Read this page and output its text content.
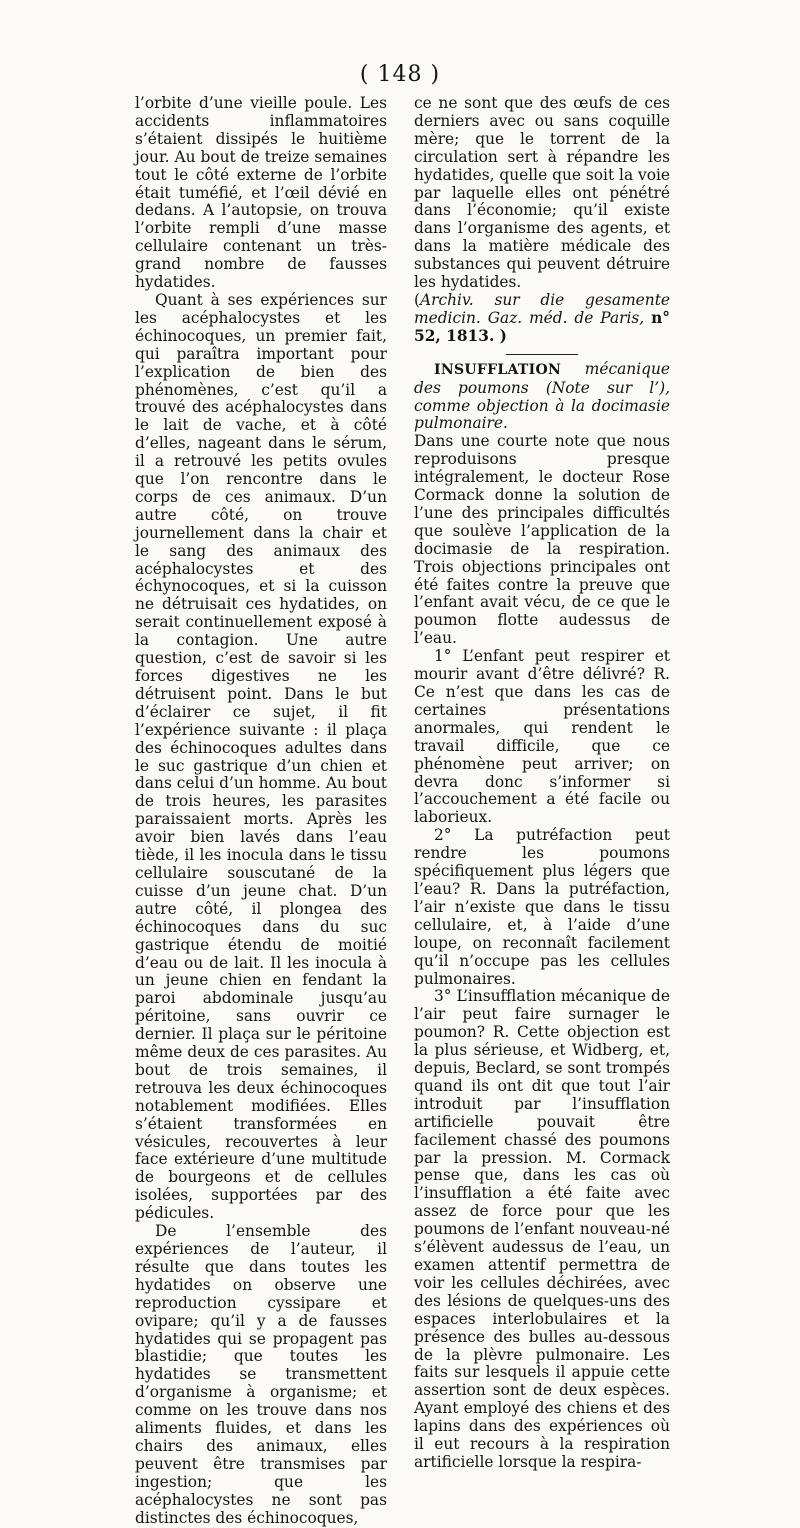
( 148 )

l’orbite d’une vieille poule. Les accidents inflammatoires s’étaient dissipés le huitième jour. Au bout de treize semaines tout le côté externe de l’orbite était tuméfié, et l’œil dévié en dedans. A l’autopsie, on trouva l’orbite rempli d’une masse cellulaire contenant un très-grand nombre de fausses hydatides.

Quant à ses expériences sur les acéphalocystes et les échinocoques, un premier fait, qui paraîtra important pour l’explication de bien des phénomènes, c’est qu’il a trouvé des acéphalocystes dans le lait de vache, et à côté d’elles, nageant dans le sérum, il a retrouvé les petits ovules que l’on rencontre dans le corps de ces animaux. D’un autre côté, on trouve journellement dans la chair et le sang des animaux des acéphalocystes et des échynocoques, et si la cuisson ne détruisait ces hydatides, on serait continuellement exposé à la contagion. Une autre question, c’est de savoir si les forces digestives ne les détruisent point. Dans le but d’éclairer ce sujet, il fit l’expérience suivante : il plaça des échinocoques adultes dans le suc gastrique d’un chien et dans celui d’un homme. Au bout de trois heures, les parasites paraissaient morts. Après les avoir bien lavés dans l’eau tiède, il les inocula dans le tissu cellulaire souscutané de la cuisse d’un jeune chat. D’un autre côté, il plongea des échinocoques dans du suc gastrique étendu de moitié d’eau ou de lait. Il les inocula à un jeune chien en fendant la paroi abdominale jusqu’au péritoine, sans ouvrir ce dernier. Il plaça sur le péritoine même deux de ces parasites. Au bout de trois semaines, il retrouva les deux échinocoques notablement modifiées. Elles s’étaient transformées en vésicules, recouvertes à leur face extérieure d’une multitude de bourgeons et de cellules isolées, supportées par des pédicules.

De l’ensemble des expériences de l’auteur, il résulte que dans toutes les hydatides on observe une reproduction cyssipare et ovipare; qu’il y a de fausses hydatides qui se propagent pas blastidie; que toutes les hydatides se transmettent d’organisme à organisme; et comme on les trouve dans nos aliments fluides, et dans les chairs des animaux, elles peuvent être transmises par ingestion; que les acéphalocystes ne sont pas distinctes des échinocoques,

ce ne sont que des œufs de ces derniers avec ou sans coquille mère; que le torrent de la circulation sert à répandre les hydatides, quelle que soit la voie par laquelle elles ont pénétré dans l’économie; qu’il existe dans l’organisme des agents, et dans la matière médicale des substances qui peuvent détruire les hydatides.

(Archiv. sur die gesamente medicin. Gaz. méd. de Paris, n° 52, 1813. )

INSUFFLATION mécanique des poumons (Note sur l’), comme objection à la docimasie pulmonaire.

Dans une courte note que nous reproduisons presque intégralement, le docteur Rose Cormack donne la solution de l’une des principales difficultés que soulève l’application de la docimasie de la respiration. Trois objections principales ont été faites contre la preuve que l’enfant avait vécu, de ce que le poumon flotte audessus de l’eau.

1° L’enfant peut respirer et mourir avant d’être délivré? R. Ce n’est que dans les cas de certaines présentations anormales, qui rendent le travail difficile, que ce phénomène peut arriver; on devra donc s’informer si l’accouchement a été facile ou laborieux.

2° La putréfaction peut rendre les poumons spécifiquement plus légers que l’eau? R. Dans la putréfaction, l’air n’existe que dans le tissu cellulaire, et, à l’aide d’une loupe, on reconnaît facilement qu’il n’occupe pas les cellules pulmonaires.

3° L’insufflation mécanique de l’air peut faire surnager le poumon? R. Cette objection est la plus sérieuse, et Widberg, et, depuis, Beclard, se sont trompés quand ils ont dit que tout l’air introduit par l’insufflation artificielle pouvait être facilement chassé des poumons par la pression. M. Cormack pense que, dans les cas où l’insufflation a été faite avec assez de force pour que les poumons de l’enfant nouveau-né s’élèvent audessus de l’eau, un examen attentif permettra de voir les cellules déchirées, avec des lésions de quelques-uns des espaces interlobulaires et la présence des bulles au-dessous de la plèvre pulmonaire. Les faits sur lesquels il appuie cette assertion sont de deux espèces. Ayant employé des chiens et des lapins dans des expériences où il eut recours à la respiration artificielle lorsque la respira-
